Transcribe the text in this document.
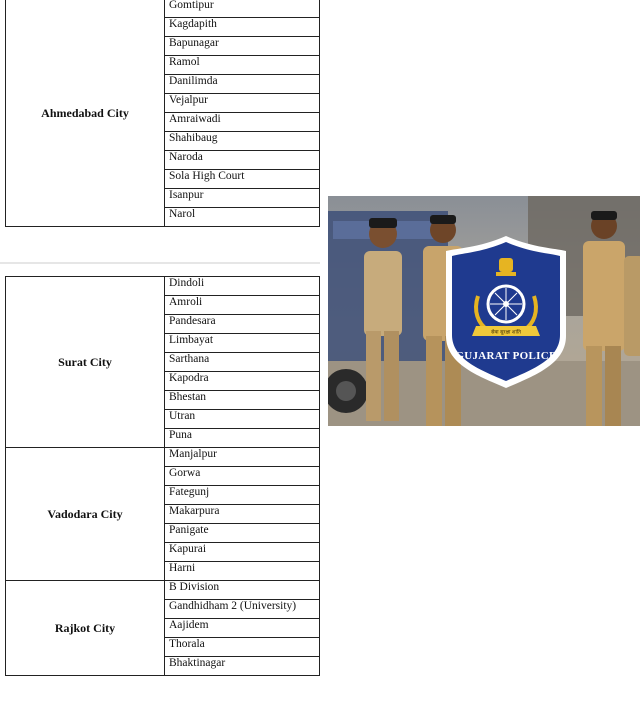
Ahmedabad City	Gomtipur
Kagdapith
Bapunagar
Ramol
Danilimda
Vejalpur
Amraiwadi
Shahibaug
Naroda
Sola High Court
Isanpur
Narol
Surat City	Dindoli
	Amroli
	Pandesara
	Limbayat
	Sarthana
	Kapodra
	Bhestan
	Utran
	Puna
Vadodara City	Manjalpur
	Gorwa
	Fategunj
	Makarpura
	Panigate
	Kapurai
	Harni
Rajkot City	B Division
	Gandhidham 2 (University)
	Aajidem
	Thorala
	Bhaktinagar
सेवा सुरक्षा शांति
GUJARAT POLICE
